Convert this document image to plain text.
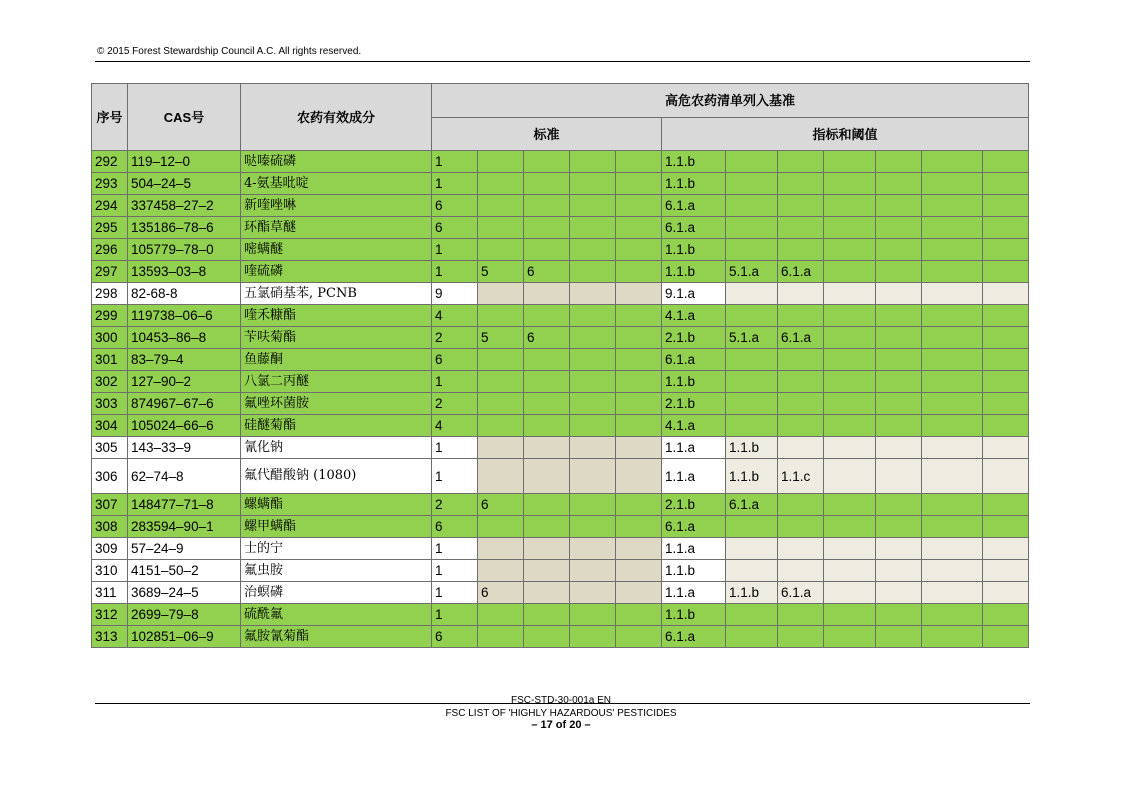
© 2015 Forest Stewardship Council A.C. All rights reserved.
序号	CAS号	农药有效成分	高危农药清单列入基准											
			标准					指标和阈值						
292	119–12–0	哒嗪硫磷	1					1.1.b						
293	504–24–5	4-氨基吡啶	1					1.1.b						
294	337458–27–2	新喹唑啉	6					6.1.a						
295	135186–78–6	环酯草醚	6					6.1.a						
296	105779–78–0	嘧螨醚	1					1.1.b						
297	13593–03–8	喹硫磷	1	5	6			1.1.b	5.1.a	6.1.a				
298	82-68-8	五氯硝基苯, PCNB	9					9.1.a						
299	119738–06–6	喹禾糠酯	4					4.1.a						
300	10453–86–8	苄呋菊酯	2	5	6			2.1.b	5.1.a	6.1.a				
301	83–79–4	鱼藤酮	6					6.1.a						
302	127–90–2	八氯二丙醚	1					1.1.b						
303	874967–67–6	氟唑环菌胺	2					2.1.b						
304	105024–66–6	硅醚菊酯	4					4.1.a						
305	143–33–9	氰化钠	1					1.1.a	1.1.b					
306	62–74–8	氟代醋酸钠 (1080)	1					1.1.a	1.1.b	1.1.c				
307	148477–71–8	螺螨酯	2	6				2.1.b	6.1.a					
308	283594–90–1	螺甲螨酯	6					6.1.a						
309	57–24–9	士的宁	1					1.1.a						
310	4151–50–2	氟虫胺	1					1.1.b						
311	3689–24–5	治螟磷	1	6				1.1.a	1.1.b	6.1.a				
312	2699–79–8	硫酰氟	1					1.1.b						
313	102851–06–9	氟胺氰菊酯	6					6.1.a						
FSC-STD-30-001a EN
FSC LIST OF 'HIGHLY HAZARDOUS' PESTICIDES
– 17 of 20 –
